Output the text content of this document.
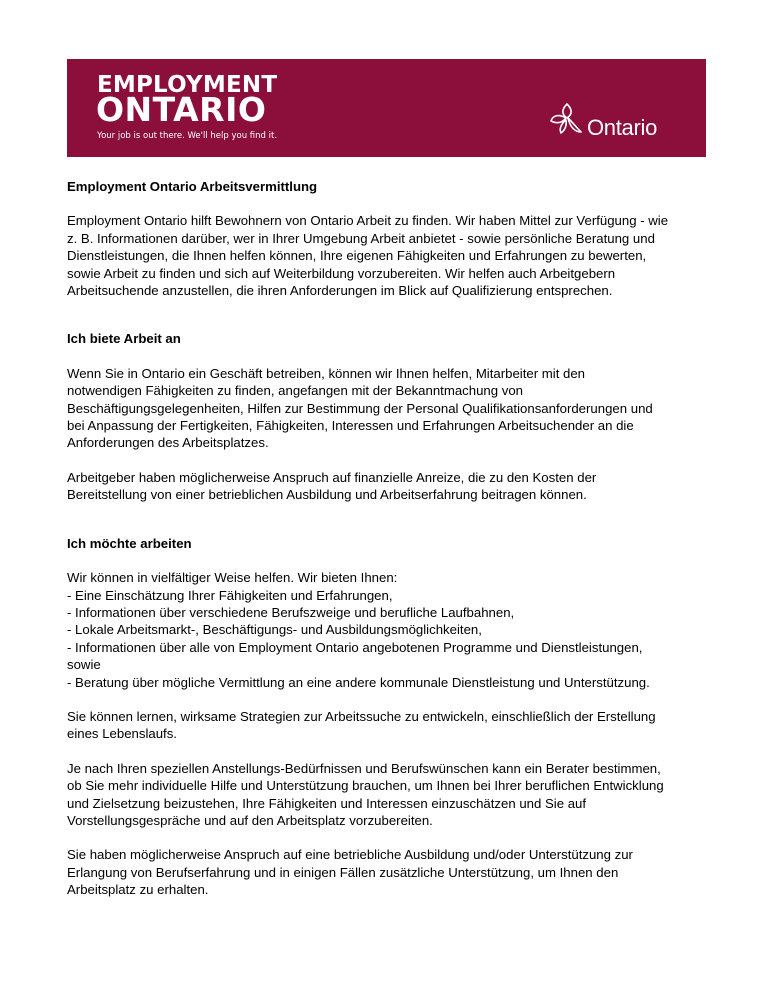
EMPLOYMENT
ONTARIO
Your job is out there. We'll help you find it.	Ontario
Employment Ontario Arbeitsvermittlung

Employment Ontario hilft Bewohnern von Ontario Arbeit zu finden. Wir haben Mittel zur Verfügung - wie
z. B. Informationen darüber, wer in Ihrer Umgebung Arbeit anbietet - sowie persönliche Beratung und
Dienstleistungen, die Ihnen helfen können, Ihre eigenen Fähigkeiten und Erfahrungen zu bewerten,
sowie Arbeit zu finden und sich auf Weiterbildung vorzubereiten. Wir helfen auch Arbeitgebern
Arbeitsuchende anzustellen, die ihren Anforderungen im Blick auf Qualifizierung entsprechen.

Ich biete Arbeit an

Wenn Sie in Ontario ein Geschäft betreiben, können wir Ihnen helfen, Mitarbeiter mit den
notwendigen Fähigkeiten zu finden, angefangen mit der Bekanntmachung von
Beschäftigungsgelegenheiten, Hilfen zur Bestimmung der Personal Qualifikationsanforderungen und
bei Anpassung der Fertigkeiten, Fähigkeiten, Interessen und Erfahrungen Arbeitsuchender an die
Anforderungen des Arbeitsplatzes.

Arbeitgeber haben möglicherweise Anspruch auf finanzielle Anreize, die zu den Kosten der
Bereitstellung von einer betrieblichen Ausbildung und Arbeitserfahrung beitragen können.

Ich möchte arbeiten

Wir können in vielfältiger Weise helfen. Wir bieten Ihnen:
- Eine Einschätzung Ihrer Fähigkeiten und Erfahrungen,
- Informationen über verschiedene Berufszweige und berufliche Laufbahnen,
- Lokale Arbeitsmarkt-, Beschäftigungs- und Ausbildungsmöglichkeiten,
- Informationen über alle von Employment Ontario angebotenen Programme und Dienstleistungen,
sowie
- Beratung über mögliche Vermittlung an eine andere kommunale Dienstleistung und Unterstützung.

Sie können lernen, wirksame Strategien zur Arbeitssuche zu entwickeln, einschließlich der Erstellung
eines Lebenslaufs.

Je nach Ihren speziellen Anstellungs-Bedürfnissen und Berufswünschen kann ein Berater bestimmen,
ob Sie mehr individuelle Hilfe und Unterstützung brauchen, um Ihnen bei Ihrer beruflichen Entwicklung
und Zielsetzung beizustehen, Ihre Fähigkeiten und Interessen einzuschätzen und Sie auf
Vorstellungsgespräche und auf den Arbeitsplatz vorzubereiten.

Sie haben möglicherweise Anspruch auf eine betriebliche Ausbildung und/oder Unterstützung zur
Erlangung von Berufserfahrung und in einigen Fällen zusätzliche Unterstützung, um Ihnen den
Arbeitsplatz zu erhalten.
